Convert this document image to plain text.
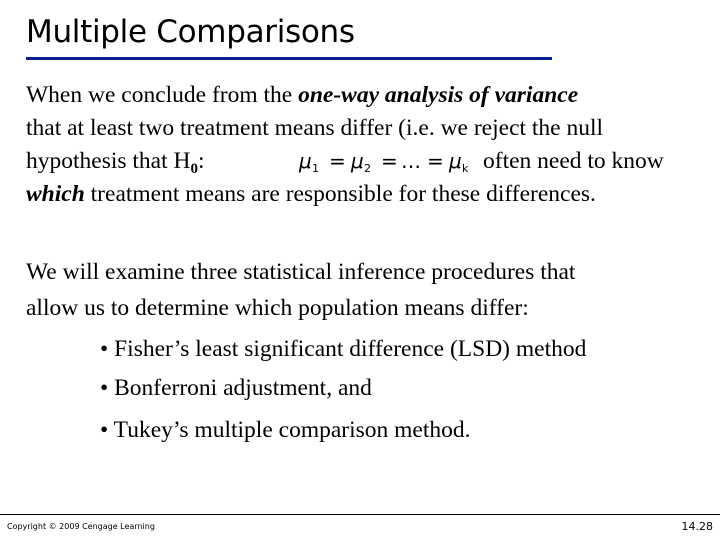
Multiple Comparisons
When we conclude from the one-way analysis of variance
that at least two treatment means differ (i.e. we reject the null
hypothesis that $H_0$:	often need to know
μ 1 = μ 2 = … = μ k
which treatment means are responsible for these differences.
We will examine three statistical inference procedures that
allow us to determine which population means differ:
• Fisher’s least significant difference (LSD) method
• Bonferroni adjustment, and
• Tukey’s multiple comparison method.
Copyright © 2009 Cengage Learning	14.28
